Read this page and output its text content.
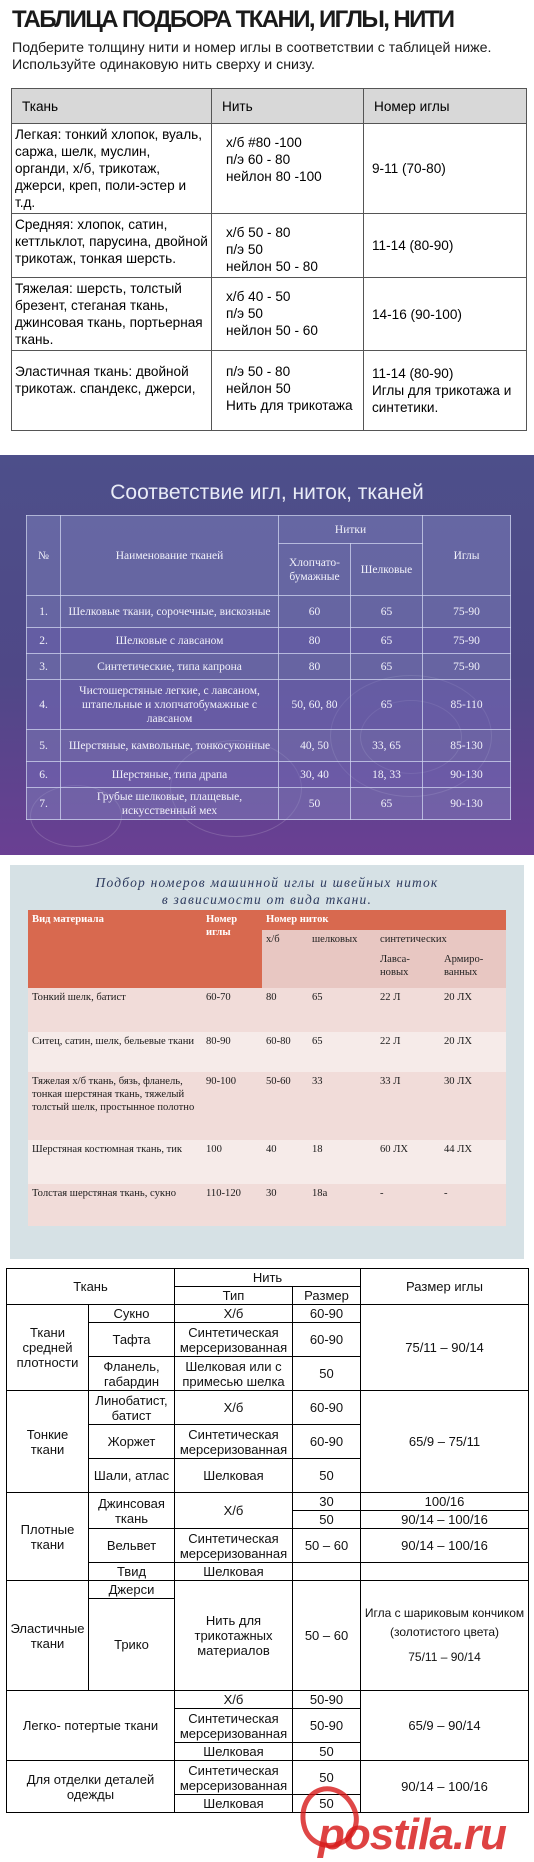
ТАБЛИЦА ПОДБОРА ТКАНИ, ИГЛЫ, НИТИ
Подберите толщину нити и номер иглы в соответствии с таблицей ниже. Используйте одинаковую нить сверху и снизу.
Ткань	Нить	Номер иглы
Легкая: тонкий хлопок, вуаль, саржа, шелк, муслин, органди, х/б, трикотаж, джерси, креп, поли-эстер и т.д.	х/б #80 -100
п/э 60 - 80
нейлон 80 -100	9-11 (70-80)
Средняя: хлопок, сатин, кеттльклот, парусина, двойной трикотаж, тонкая шерсть.	х/б 50 - 80
п/э 50
нейлон 50 - 80	11-14 (80-90)
Тяжелая: шерсть, толстый брезент, стеганая ткань, джинсовая ткань, портьерная ткань.	х/б 40 - 50
п/э 50
нейлон 50 - 60	14-16 (90-100)
Эластичная ткань: двойной трикотаж. спандекс, джерси,	п/э 50 - 80
нейлон 50
Нить для трикотажа	11-14 (80-90)
Иглы для трикотажа и синтетики.
Соответствие игл, ниток, тканей
№	Наименование тканей	Нитки		Иглы
		Хлопчато-бумажные	Шелковые	
1.	Шелковые ткани, сорочечные, вискозные	60	65	75-90
2.	Шелковые с лавсаном	80	65	75-90
3.	Синтетические, типа капрона	80	65	75-90
4.	Чистошерстяные легкие, с лавсаном, штапельные и хлопчатобумажные с лавсаном	50, 60, 80	65	85-110
5.	Шерстяные, камвольные, тонкосуконные	40, 50	33, 65	85-130
6.	Шерстяные, типа драпа	30, 40	18, 33	90-130
7.	Грубые шелковые, плащевые, искусственный мех	50	65	90-130
Подбор номеров машинной иглы и швейных ниток
в зависимости от вида ткани.
Вид материала	Номер иглы	Номер ниток			
		х/б	шелковых	синтетических	
				Лавса-новых	Армиро-ванных
Тонкий шелк, батист	60-70	80	65	22 Л	20 ЛХ
Ситец, сатин, шелк, бельевые ткани	80-90	60-80	65	22 Л	20 ЛХ
Тяжелая х/б ткань, бязь, фланель, тонкая шерстяная ткань, тяжелый толстый шелк, простынное полотно	90-100	50-60	33	33 Л	30 ЛХ
Шерстяная костюмная ткань, тик	100	40	18	60 ЛХ	44 ЛХ
Толстая шерстяная ткань, сукно	110-120	30	18а	-	-
Ткань		Нить		Размер иглы
		Тип	Размер	
Ткани средней плотности	Сукно	Х/б	60-90	75/11 – 90/14
	Тафта	Синтетическая мерсеризованная	60-90	
	Фланель, габардин	Шелковая или с примесью шелка	50	
Тонкие ткани	Линобатист, батист	Х/б	60-90	65/9 – 75/11
	Жоржет	Синтетическая мерсеризованная	60-90	
	Шали, атлас	Шелковая	50	
Плотные ткани	Джинсовая ткань	Х/б	30	100/16
			50	90/14 – 100/16
	Вельвет	Синтетическая мерсеризованная	50 – 60	90/14 – 100/16
	Твид	Шелковая		
Эластичные ткани	Джерси	Нить для трикотажных материалов	50 – 60	Игла с шариковым кончиком (золотистого цвета)
75/11 – 90/14

	Трико			
Легко- потертые ткани		Х/б	50-90	65/9 – 90/14
		Синтетическая мерсеризованная	50-90	
		Шелковая	50	
Для отделки деталей одежды		Синтетическая мерсеризованная	50	90/14 – 100/16
		Шелковая	50	
postila.ru
